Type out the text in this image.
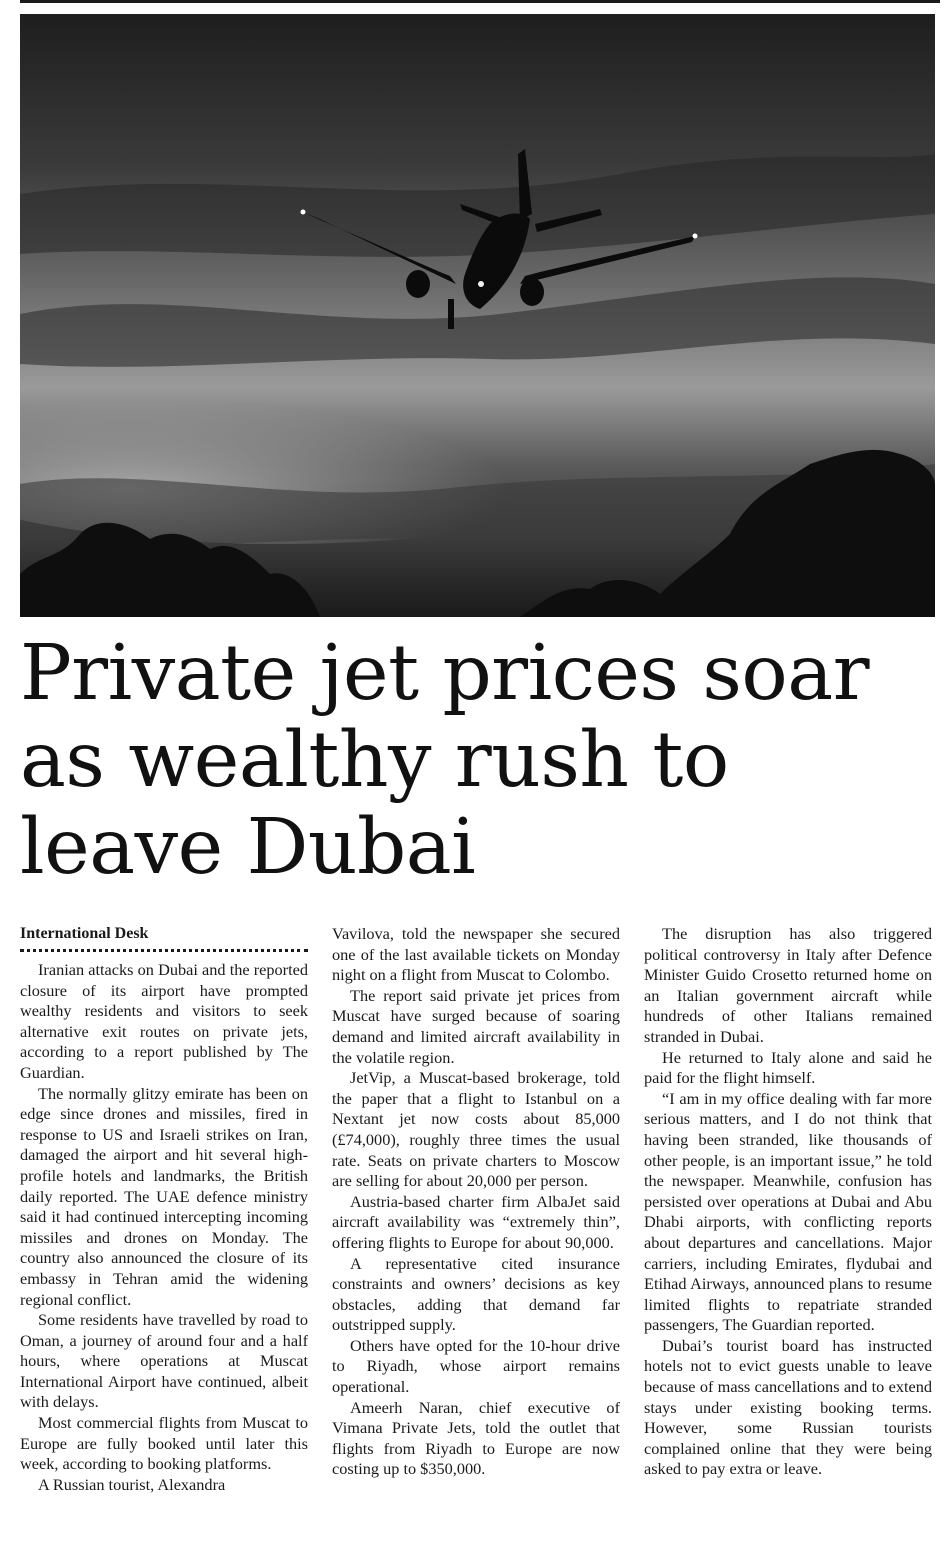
Private jet prices soar as wealthy rush to leave Dubai
International Desk

Iranian attacks on Dubai and the reported closure of its airport have prompted wealthy residents and visitors to seek alternative exit routes on private jets, according to a report published by The Guardian.

The normally glitzy emirate has been on edge since drones and missiles, fired in response to US and Israeli strikes on Iran, damaged the airport and hit several high-profile hotels and landmarks, the British daily reported. The UAE defence ministry said it had continued intercepting incoming missiles and drones on Monday. The country also announced the closure of its embassy in Tehran amid the widening regional conflict.

Some residents have travelled by road to Oman, a journey of around four and a half hours, where operations at Muscat International Airport have continued, albeit with delays.

Most commercial flights from Muscat to Europe are fully booked until later this week, according to booking platforms.

A Russian tourist, Alexandra

Vavilova, told the newspaper she secured one of the last available tickets on Monday night on a flight from Muscat to Colombo.

The report said private jet prices from Muscat have surged because of soaring demand and limited aircraft availability in the volatile region.

JetVip, a Muscat-based brokerage, told the paper that a flight to Istanbul on a Nextant jet now costs about 85,000 (£74,000), roughly three times the usual rate. Seats on private charters to Moscow are selling for about 20,000 per person.

Austria-based charter firm AlbaJet said aircraft availability was “extremely thin”, offering flights to Europe for about 90,000.

A representative cited insurance constraints and owners’ decisions as key obstacles, adding that demand far outstripped supply.

Others have opted for the 10-hour drive to Riyadh, whose airport remains operational.

Ameerh Naran, chief executive of Vimana Private Jets, told the outlet that flights from Riyadh to Europe are now costing up to $350,000.

The disruption has also triggered political controversy in Italy after Defence Minister Guido Crosetto returned home on an Italian government aircraft while hundreds of other Italians remained stranded in Dubai.

He returned to Italy alone and said he paid for the flight himself.

“I am in my office dealing with far more serious matters, and I do not think that having been stranded, like thousands of other people, is an important issue,” he told the newspaper. Meanwhile, confusion has persisted over operations at Dubai and Abu Dhabi airports, with conflicting reports about departures and cancellations. Major carriers, including Emirates, flydubai and Etihad Airways, announced plans to resume limited flights to repatriate stranded passengers, The Guardian reported.

Dubai’s tourist board has instructed hotels not to evict guests unable to leave because of mass cancellations and to extend stays under existing booking terms. However, some Russian tourists complained online that they were being asked to pay extra or leave.
